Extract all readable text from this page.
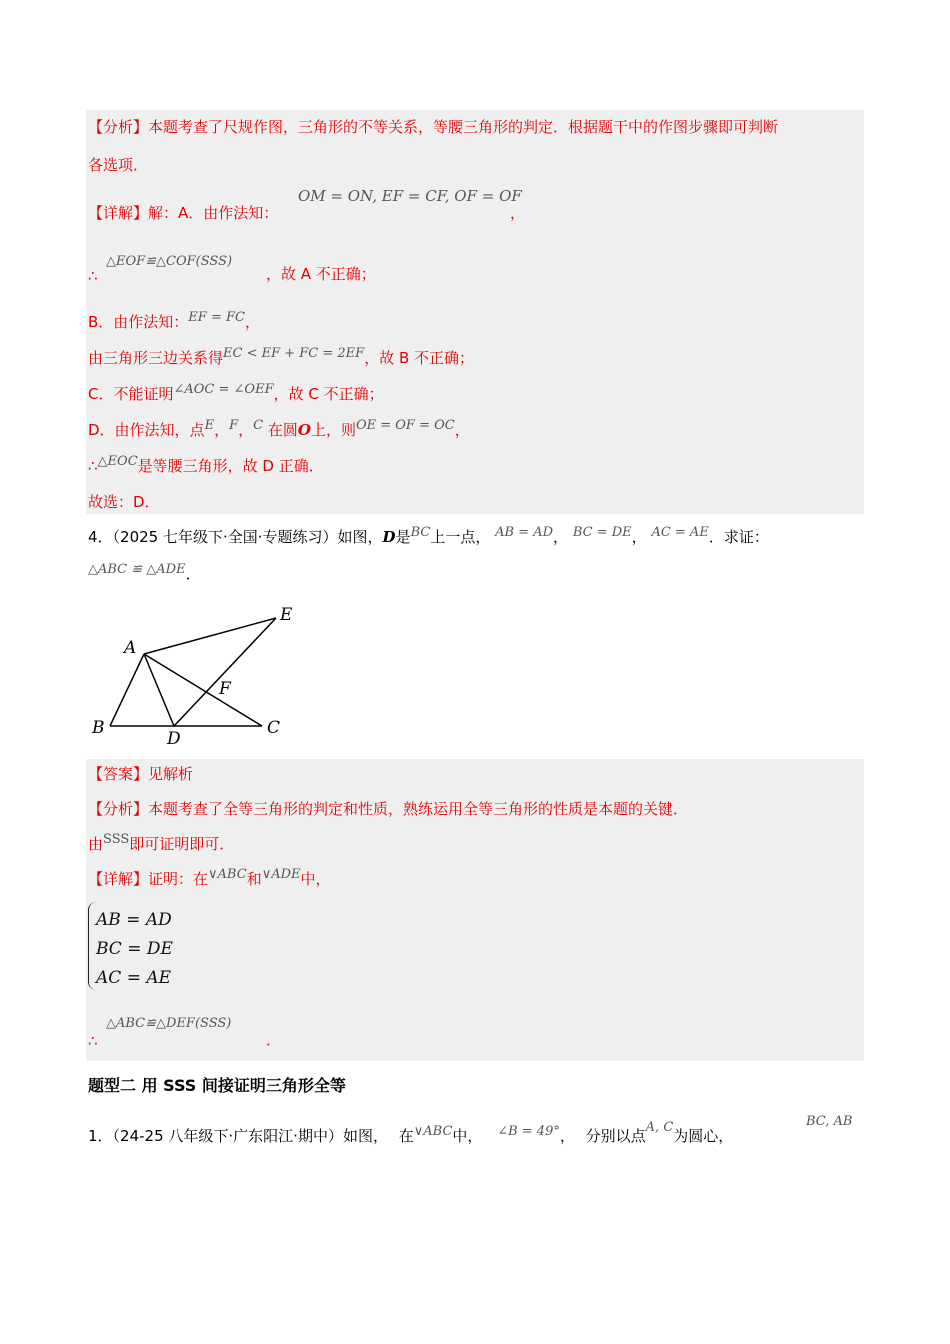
【分析】本题考查了尺规作图，三角形的不等关系，等腰三角形的判定．根据题干中的作图步骤即可判断
各选项．
【详解】解：A．由作法知：
OM = ON, EF = CF, OF = OF
，
∴
△EOF≌△COF(SSS)
，故 A 不正确；
B．由作法知：EF = FC，
由三角形三边关系得EC < EF + FC = 2EF，故 B 不正确；
C．不能证明∠AOC = ∠OEF，故 C 不正确；
D．由作法知，点E，F，C 在圆O上，则OE = OF = OC，
∴△EOC是等腰三角形，故 D 正确．
故选：D．
4．（2025 七年级下·全国·专题练习）如图，D是BC上一点， AB = AD， BC = DE， AC = AE．求证：
△ABC ≌ △ADE．
A
B
D
C
E
F
【答案】见解析
【分析】本题考查了全等三角形的判定和性质，熟练运用全等三角形的性质是本题的关键．
由SSS即可证明即可．
【详解】证明：在∨ABC和∨ADE中，
AB = AD
BC = DE
AC = AE
∴
△ABC≌△DEF(SSS)
．
题型二 用 SSS 间接证明三角形全等
1．（24-25 八年级下·广东阳江·期中）如图， 在∨ABC中， ∠B = 49°， 分别以点A, C为圆心，
BC, AB
